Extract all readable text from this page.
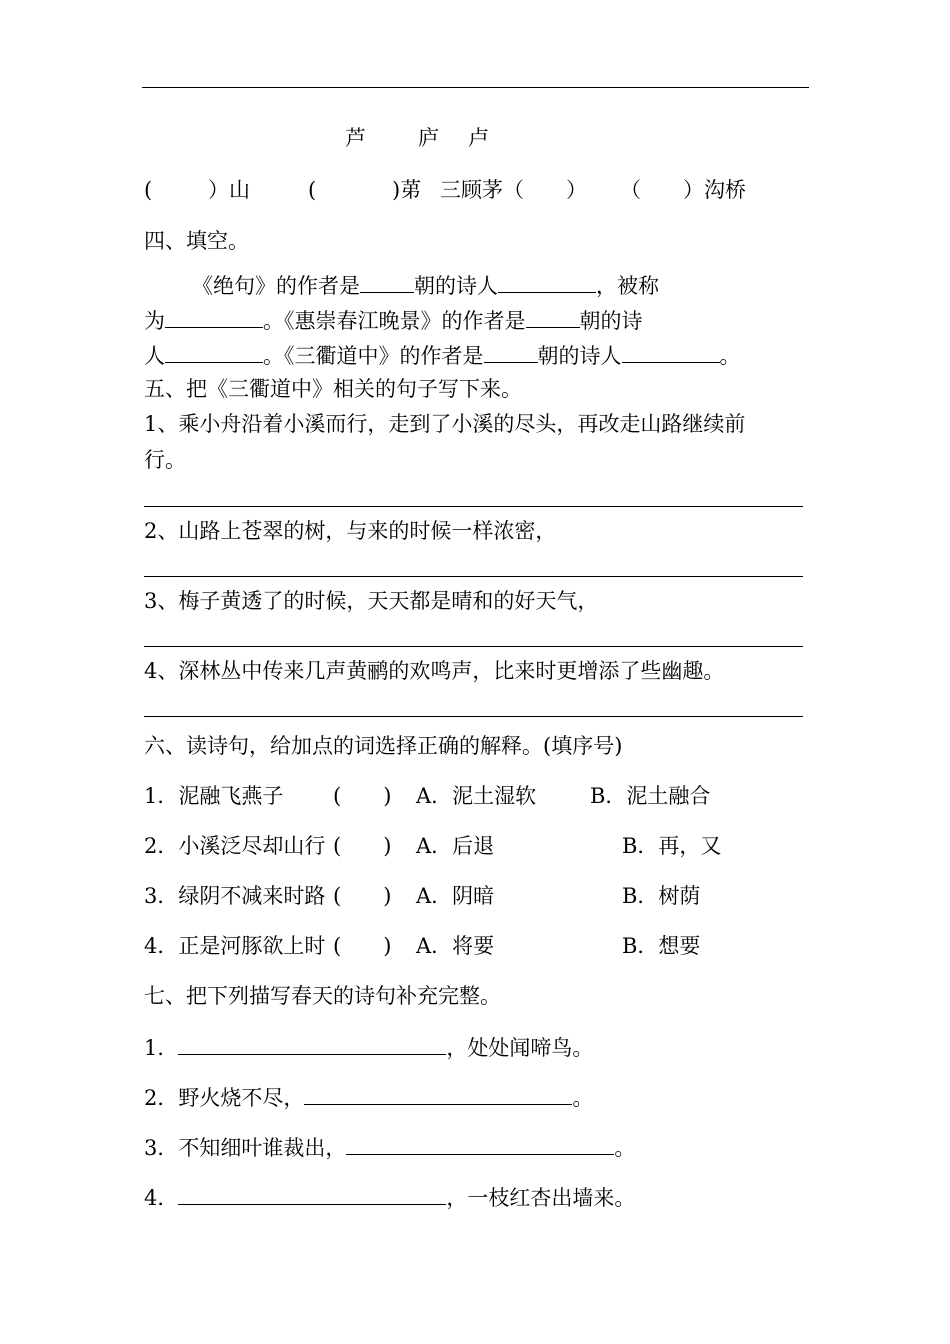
芦 庐 卢
(	）山	(	)苐 三顾茅（　　） （　　）沟桥
四、填空。
《绝句》的作者是	朝的诗人	，被称
为	。《惠崇春江晚景》的作者是	朝的诗
人	。《三衢道中》的作者是	朝的诗人	。
五、把《三衢道中》相关的句子写下来。
1、乘小舟沿着小溪而行，走到了小溪的尽头，再改走山路继续前
行。
2、山路上苍翠的树，与来的时候一样浓密，
3、梅子黄透了的时候，天天都是晴和的好天气，
4、深林丛中传来几声黄鹂的欢鸣声，比来时更增添了些幽趣。
六、读诗句，给加点的词选择正确的解释。(填序号)
1．泥融飞燕子 (　　) A．泥土湿软	B．泥土融合
2．小溪泛尽却山行 (　　) A．后退	B．再，又
3．绿阴不减来时路 (　　) A．阴暗	B．树荫
4．正是河豚欲上时 (　　) A．将要	B．想要
七、把下列描写春天的诗句补充完整。
1．	，处处闻啼鸟。
2．野火烧不尽，	。
3．不知细叶谁裁出，	。
4．	，一枝红杏出墙来。
